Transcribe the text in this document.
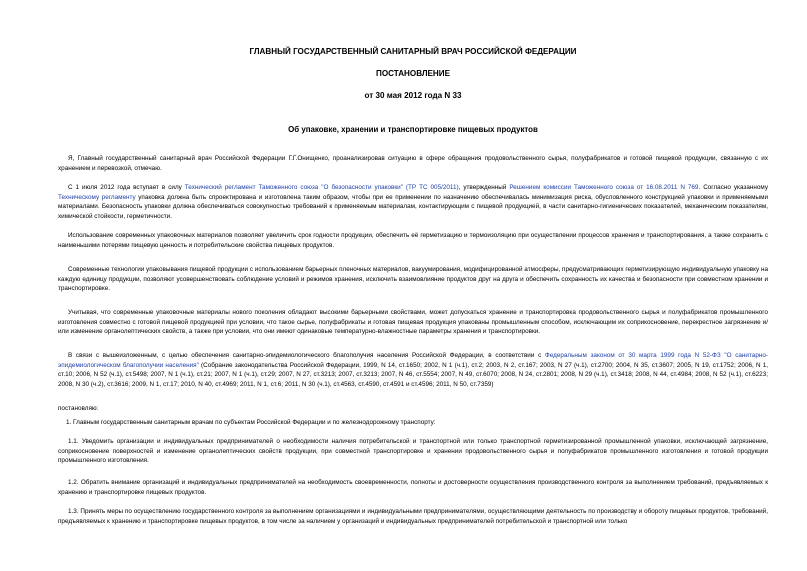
ГЛАВНЫЙ ГОСУДАРСТВЕННЫЙ САНИТАРНЫЙ ВРАЧ РОССИЙСКОЙ ФЕДЕРАЦИИ
ПОСТАНОВЛЕНИЕ
от 30 мая 2012 года N 33
Об упаковке, хранении и транспортировке пищевых продуктов
Я, Главный государственный санитарный врач Российской Федерации Г.Г.Онищенко, проанализировав ситуацию в сфере обращения продовольственного сырья, полуфабрикатов и готовой пищевой продукции, связанную с их хранением и перевозкой, отмечаю.
С 1 июля 2012 года вступает в силу Технический регламент Таможенного союза "О безопасности упаковки" (ТР ТС 005/2011), утвержденный Решением комиссии Таможенного союза от 16.08.2011 N 769. Согласно указанному Техническому регламенту упаковка должна быть спроектирована и изготовлена таким образом, чтобы при ее применении по назначению обеспечивалась минимизация риска, обусловленного конструкцией упаковки и применяемыми материалами. Безопасность упаковки должна обеспечиваться совокупностью требований к применяемым материалам, контактирующим с пищевой продукцией, в части санитарно-гигиенических показателей, механическим показателям, химической стойкости, герметичности.
Использование современных упаковочных материалов позволяет увеличить срок годности продукции, обеспечить её герметизацию и термоизоляцию при осуществлении процессов хранения и транспортирования, а также сохранить с наименьшими потерями пищевую ценность и потребительские свойства пищевых продуктов.
Современные технологии упаковывания пищевой продукции с использованием барьерных пленочных материалов, вакуумирования, модифицированной атмосферы, предусматривающих герметизирующую индивидуальную упаковку на каждую единицу продукции, позволяют усовершенствовать соблюдение условий и режимов хранения, исключить взаимовлияние продуктов друг на друга и обеспечить сохранность их качества и безопасности при совместном хранении и транспортировке.
Учитывая, что современные упаковочные материалы нового поколения обладают высокими барьерными свойствами, может допускаться хранение и транспортировка продовольственного сырья и полуфабрикатов промышленного изготовления совместно с готовой пищевой продукцией при условии, что такое сырье, полуфабрикаты и готовая пищевая продукция упакованы промышленным способом, исключающим их соприкосновение, перекрестное загрязнение и/или изменение органолептических свойств, а также при условии, что они имеют одинаковые температурно-влажностные параметры хранения и транспортировки.
В связи с вышеизложенным, с целью обеспечения санитарно-эпидемиологического благополучия населения Российской Федерации, в соответствии с Федеральным законом от 30 марта 1999 года N 52-ФЗ "О санитарно-эпидемиологическом благополучии населения" (Собрание законодательства Российской Федерации, 1999, N 14, ст.1650; 2002, N 1 (ч.1), ст.2; 2003, N 2, ст.167; 2003, N 27 (ч.1), ст.2700; 2004, N 35, ст.3607; 2005, N 19, ст.1752; 2006, N 1, ст.10; 2006, N 52 (ч.1), ст.5498; 2007, N 1 (ч.1), ст.21; 2007, N 1 (ч.1), ст.29; 2007, N 27, ст.3213; 2007, ст.3213; 2007, N 46, ст.5554; 2007, N 49, ст.6070; 2008, N 24, ст.2801; 2008, N 29 (ч.1), ст.3418; 2008, N 44, ст.4984; 2008, N 52 (ч.1), ст.6223; 2008, N 30 (ч.2), ст.3616; 2009, N 1, ст.17; 2010, N 40, ст.4969; 2011, N 1, ст.6; 2011, N 30 (ч.1), ст.4563, ст.4590, ст.4591 и ст.4596; 2011, N 50, ст.7359)
постановляю:
1. Главным государственным санитарным врачам по субъектам Российской Федерации и по железнодорожному транспорту:
1.1. Уведомить организации и индивидуальных предпринимателей о необходимости наличия потребительской и транспортной или только транспортной герметизированной промышленной упаковки, исключающей загрязнение, соприкосновение поверхностей и изменение органолептических свойств продукции, при совместной транспортировке и хранении продовольственного сырья и полуфабрикатов промышленного изготовления и готовой продукции промышленного изготовления.
1.2. Обратить внимание организаций и индивидуальных предпринимателей на необходимость своевременности, полноты и достоверности осуществления производственного контроля за выполнением требований, предъявляемых к хранению и транспортировке пищевых продуктов.
1.3. Принять меры по осуществлению государственного контроля за выполнением организациями и индивидуальными предпринимателями, осуществляющими деятельность по производству и обороту пищевых продуктов, требований, предъявляемых к хранению и транспортировке пищевых продуктов, в том числе за наличием у организаций и индивидуальных предпринимателей потребительской и транспортной или только
